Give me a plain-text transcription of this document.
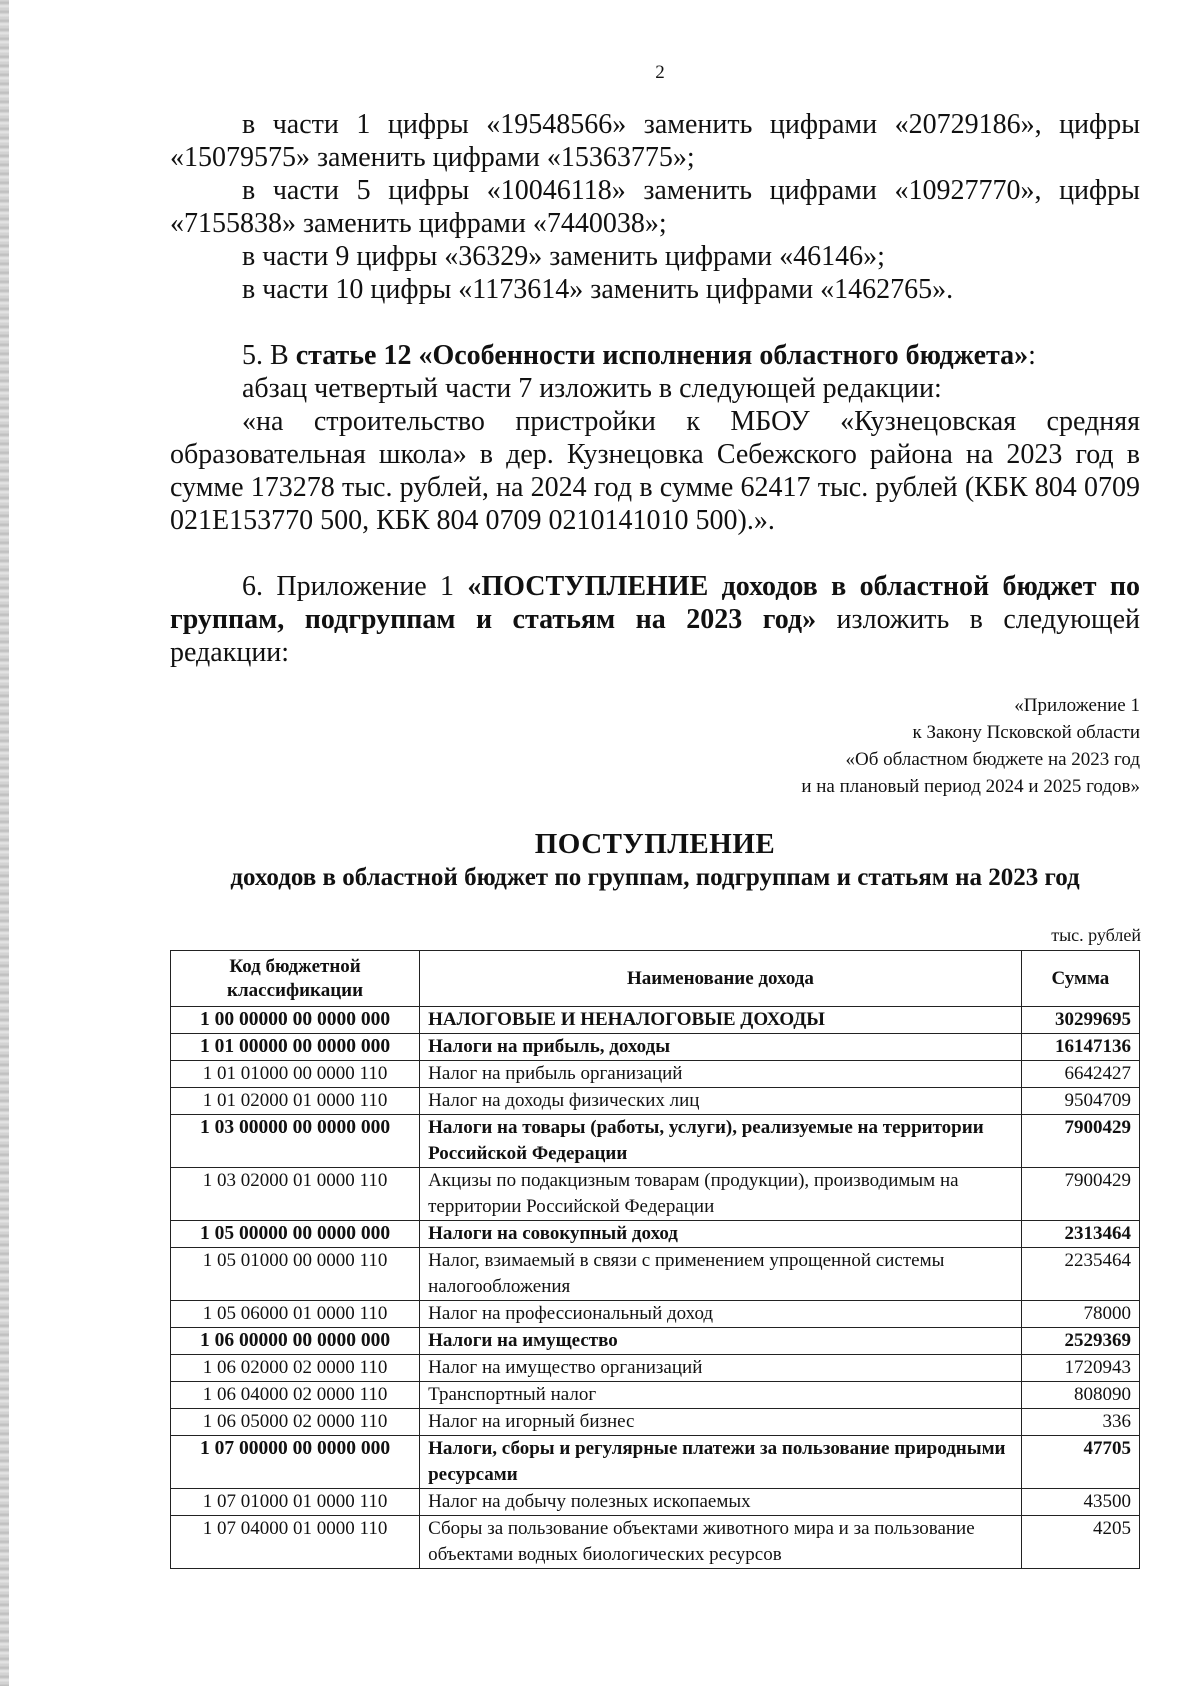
2

в части 1 цифры «19548566» заменить цифрами «20729186», цифры «15079575» заменить цифрами «15363775»;

в части 5 цифры «10046118» заменить цифрами «10927770», цифры «7155838» заменить цифрами «7440038»;

в части 9 цифры «36329» заменить цифрами «46146»;

в части 10 цифры «1173614» заменить цифрами «1462765».

5. В статье 12 «Особенности исполнения областного бюджета»:

абзац четвертый части 7 изложить в следующей редакции:

«на строительство пристройки к МБОУ «Кузнецовская средняя образовательная школа» в дер. Кузнецовка Себежского района на 2023 год в сумме 173278 тыс. рублей, на 2024 год в сумме 62417 тыс. рублей (КБК 804 0709 021Е153770 500, КБК 804 0709 0210141010 500).».

6. Приложение 1 «ПОСТУПЛЕНИЕ доходов в областной бюджет по группам, подгруппам и статьям на 2023 год» изложить в следующей редакции:

«Приложение 1
к Закону Псковской области
«Об областном бюджете на 2023 год
и на плановый период 2024 и 2025 годов»

ПОСТУПЛЕНИЕ

доходов в областной бюджет по группам, подгруппам и статьям на 2023 год

тыс. рублей
Код бюджетной классификации	Наименование дохода	Сумма
1 00 00000 00 0000 000	НАЛОГОВЫЕ И НЕНАЛОГОВЫЕ ДОХОДЫ	30299695
1 01 00000 00 0000 000	Налоги на прибыль, доходы	16147136
1 01 01000 00 0000 110	Налог на прибыль организаций	6642427
1 01 02000 01 0000 110	Налог на доходы физических лиц	9504709
1 03 00000 00 0000 000	Налоги на товары (работы, услуги), реализуемые на территории Российской Федерации	7900429
1 03 02000 01 0000 110	Акцизы по подакцизным товарам (продукции), производимым на территории Российской Федерации	7900429
1 05 00000 00 0000 000	Налоги на совокупный доход	2313464
1 05 01000 00 0000 110	Налог, взимаемый в связи с применением упрощенной системы налогообложения	2235464
1 05 06000 01 0000 110	Налог на профессиональный доход	78000
1 06 00000 00 0000 000	Налоги на имущество	2529369
1 06 02000 02 0000 110	Налог на имущество организаций	1720943
1 06 04000 02 0000 110	Транспортный налог	808090
1 06 05000 02 0000 110	Налог на игорный бизнес	336
1 07 00000 00 0000 000	Налоги, сборы и регулярные платежи за пользование природными ресурсами	47705
1 07 01000 01 0000 110	Налог на добычу полезных ископаемых	43500
1 07 04000 01 0000 110	Сборы за пользование объектами животного мира и за пользование объектами водных биологических ресурсов	4205
